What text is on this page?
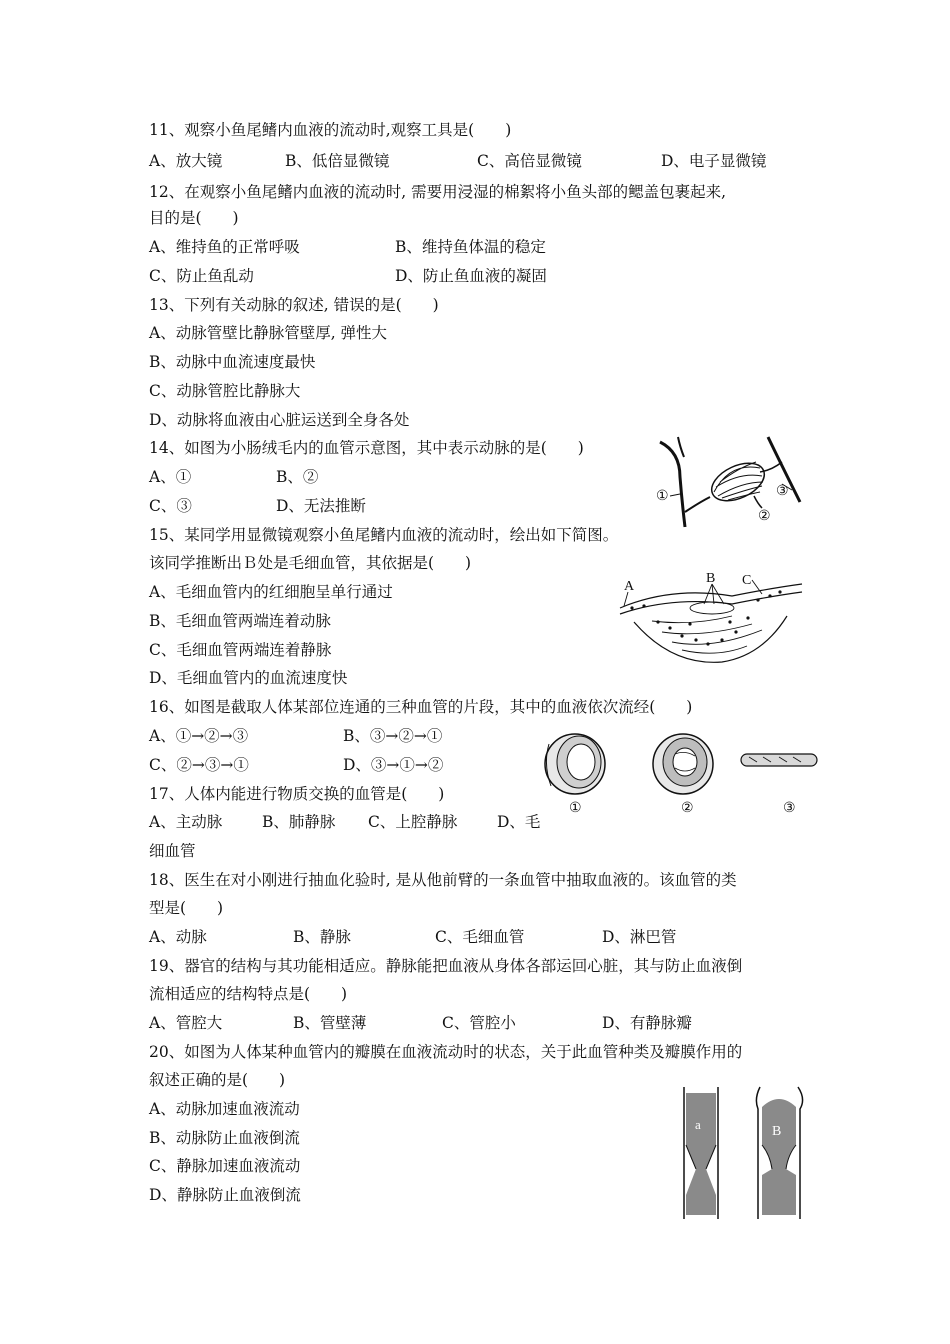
11、观察小鱼尾鳍内血液的流动时,观察工具是(　　)
A、放大镜	B、低倍显微镜	C、高倍显微镜	D、电子显微镜
12、在观察小鱼尾鳍内血液的流动时, 需要用浸湿的棉絮将小鱼头部的鳃盖包裹起来,
目的是(　　)
A、维持鱼的正常呼吸	B、维持鱼体温的稳定
C、防止鱼乱动	D、防止鱼血液的凝固
13、下列有关动脉的叙述, 错误的是(　　)
A、动脉管壁比静脉管壁厚, 弹性大
B、动脉中血流速度最快
C、动脉管腔比静脉大
D、动脉将血液由心脏运送到全身各处
14、如图为小肠绒毛内的血管示意图，其中表示动脉的是(　　)
A、①	B、②
C、③	D、无法推断
①
②
③
15、某同学用显微镜观察小鱼尾鳍内血液的流动时，绘出如下简图。
该同学推断出Ｂ处是毛细血管，其依据是(　　)
A、毛细血管内的红细胞呈单行通过
B、毛细血管两端连着动脉
C、毛细血管两端连着静脉
D、毛细血管内的血流速度快
A
B C
16、如图是截取人体某部位连通的三种血管的片段，其中的血液依次流经(　　)
A、①→②→③	B、③→②→①
C、②→③→①	D、③→①→②
①	②	③
17、人体内能进行物质交换的血管是(　　)
A、主动脉	B、肺静脉 C、上腔静脉	D、毛
细血管
18、医生在对小刚进行抽血化验时, 是从他前臂的一条血管中抽取血液的。该血管的类
型是(　　)
A、动脉	B、静脉	C、毛细血管	D、淋巴管
19、器官的结构与其功能相适应。静脉能把血液从身体各部运回心脏，其与防止血液倒
流相适应的结构特点是(　　)
A、管腔大	B、管壁薄	C、管腔小	D、有静脉瓣
20、如图为人体某种血管内的瓣膜在血液流动时的状态，关于此血管种类及瓣膜作用的
叙述正确的是(　　)
A、动脉加速血液流动
B、动脉防止血液倒流
C、静脉加速血液流动
D、静脉防止血液倒流
a	B
